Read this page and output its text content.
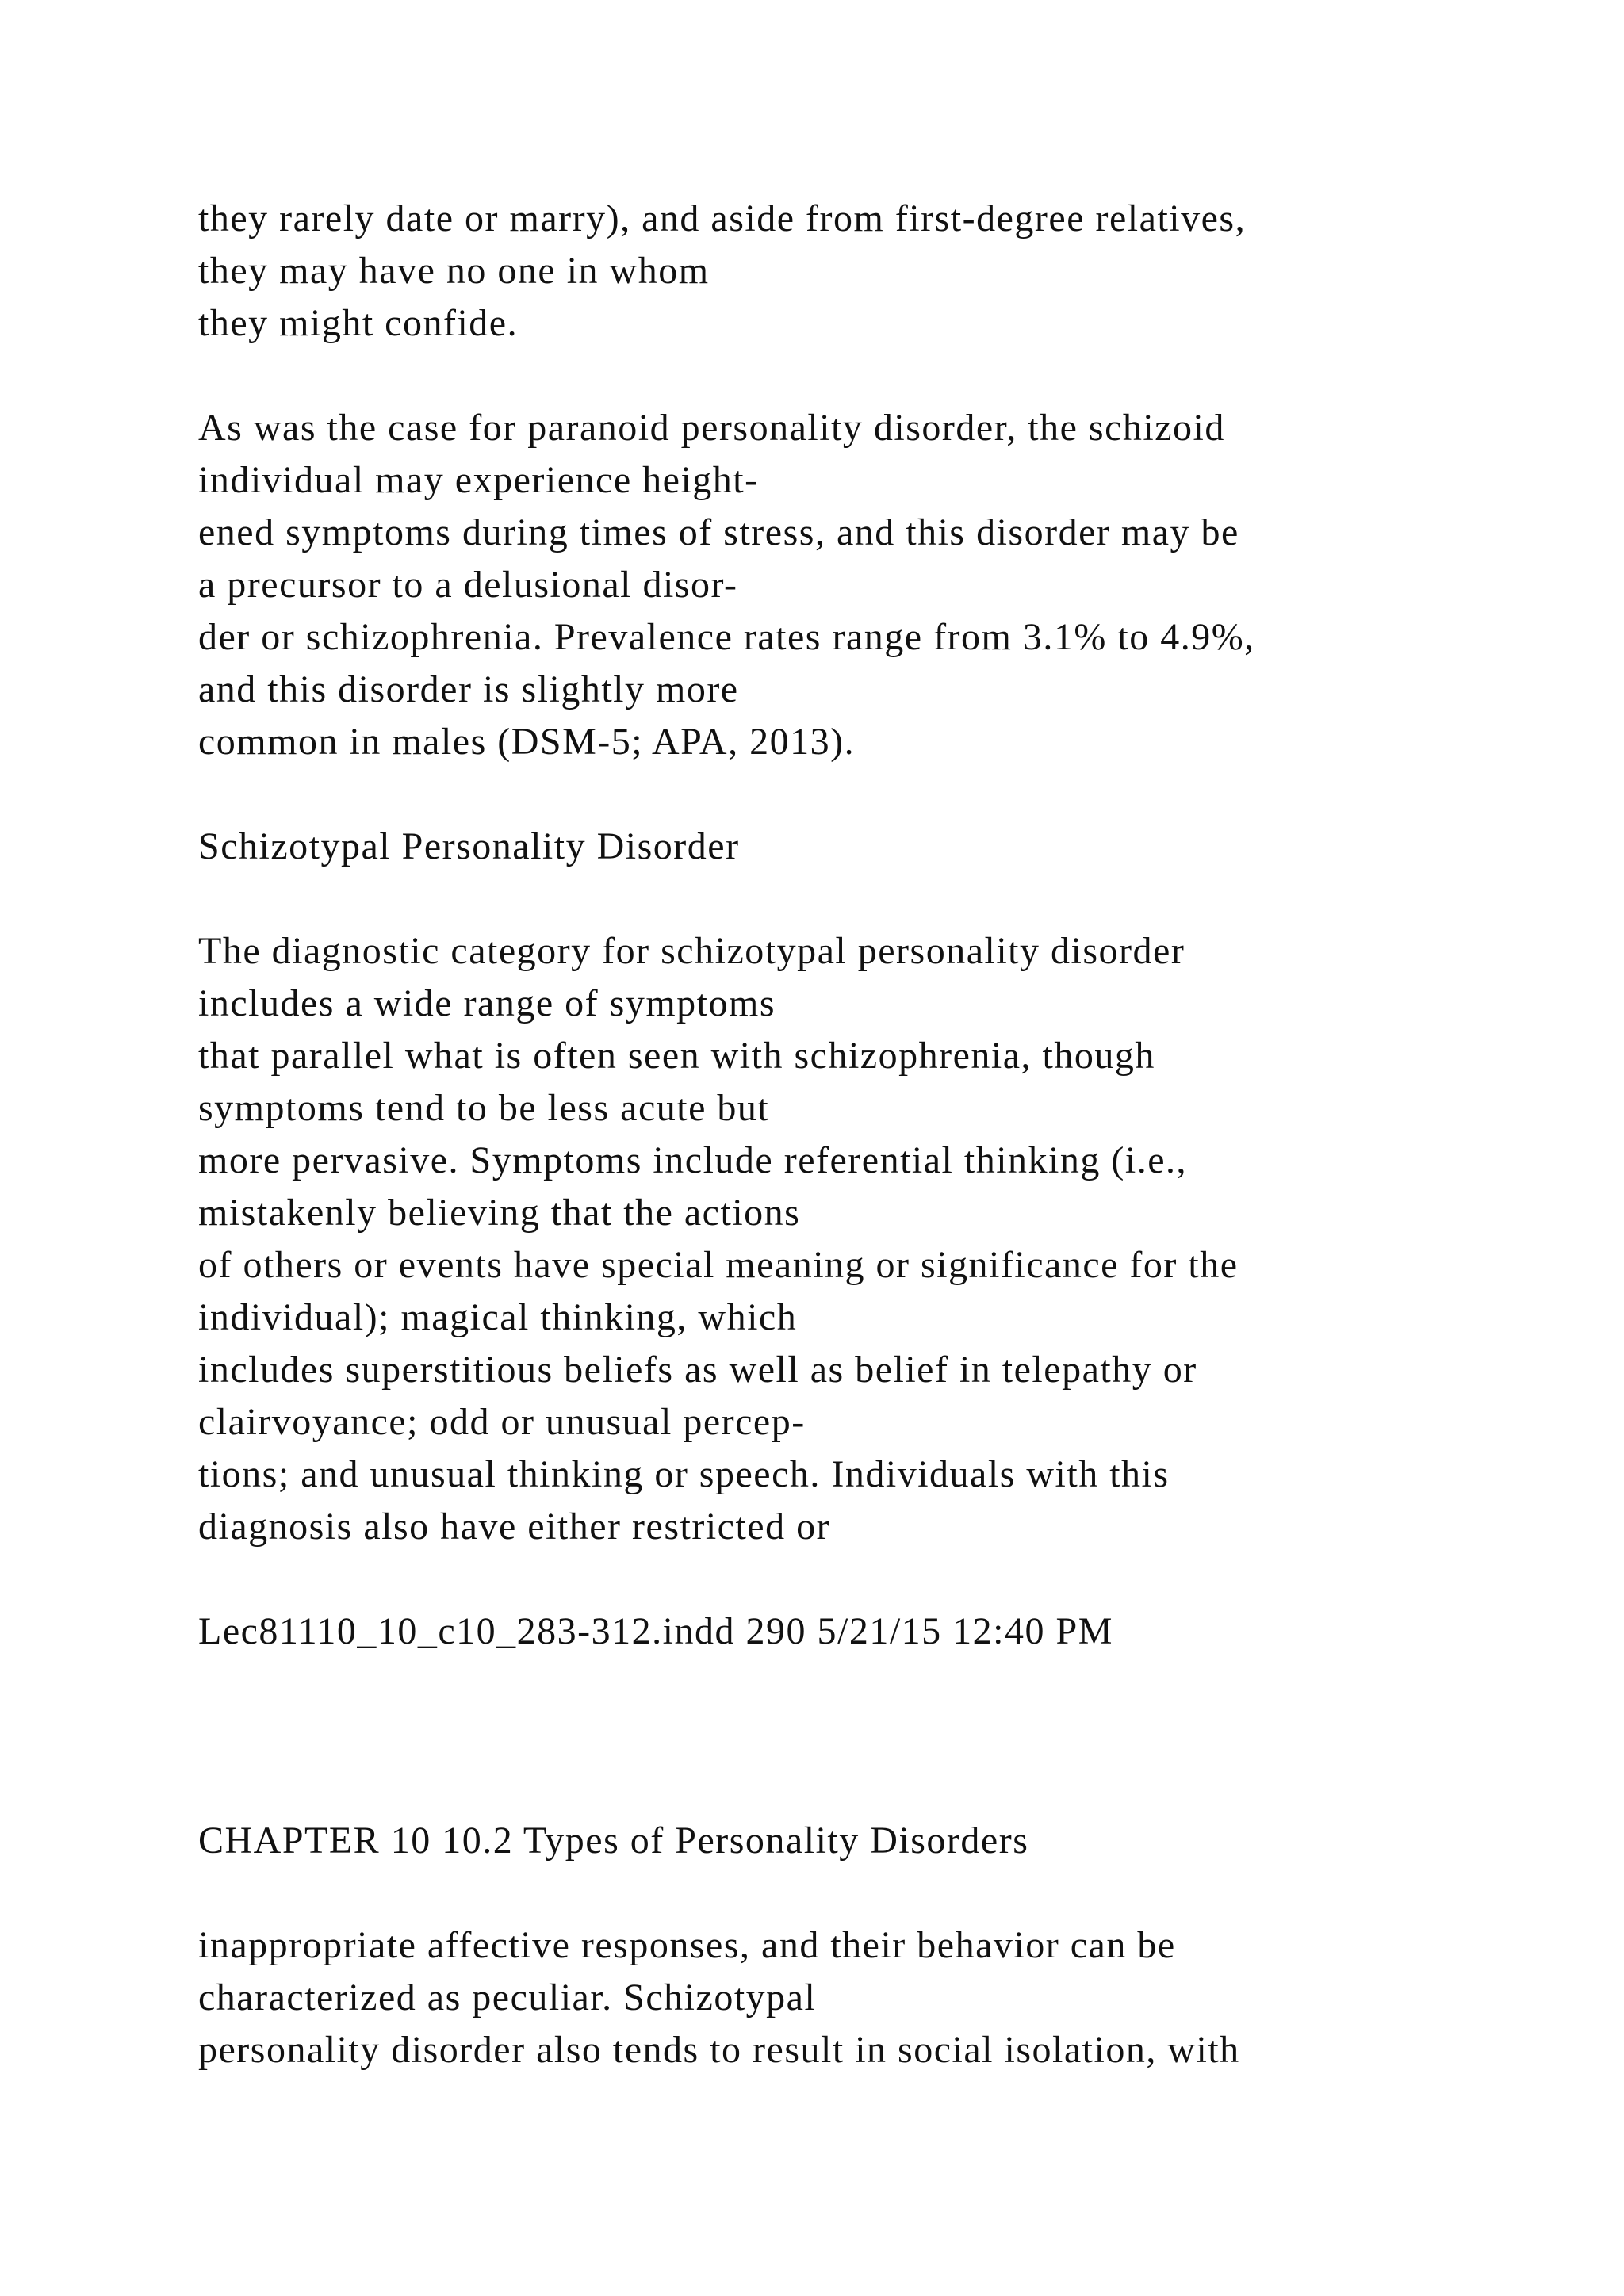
they rarely date or marry), and aside from first-degree relatives,
they may have no one in whom
they might confide.
As was the case for paranoid personality disorder, the schizoid
individual may experience height-
ened symptoms during times of stress, and this disorder may be
a precursor to a delusional disor-
der or schizophrenia. Prevalence rates range from 3.1% to 4.9%,
and this disorder is slightly more
common in males (DSM-5; APA, 2013).
Schizotypal Personality Disorder
The diagnostic category for schizotypal personality disorder
includes a wide range of symptoms
that parallel what is often seen with schizophrenia, though
symptoms tend to be less acute but
more pervasive. Symptoms include referential thinking (i.e.,
mistakenly believing that the actions
of others or events have special meaning or significance for the
individual); magical thinking, which
includes superstitious beliefs as well as belief in telepathy or
clairvoyance; odd or unusual percep-
tions; and unusual thinking or speech. Individuals with this
diagnosis also have either restricted or
Lec81110_10_c10_283-312.indd 290 5/21/15 12:40 PM
CHAPTER 10 10.2 Types of Personality Disorders
inappropriate affective responses, and their behavior can be
characterized as peculiar. Schizotypal
personality disorder also tends to result in social isolation, with
